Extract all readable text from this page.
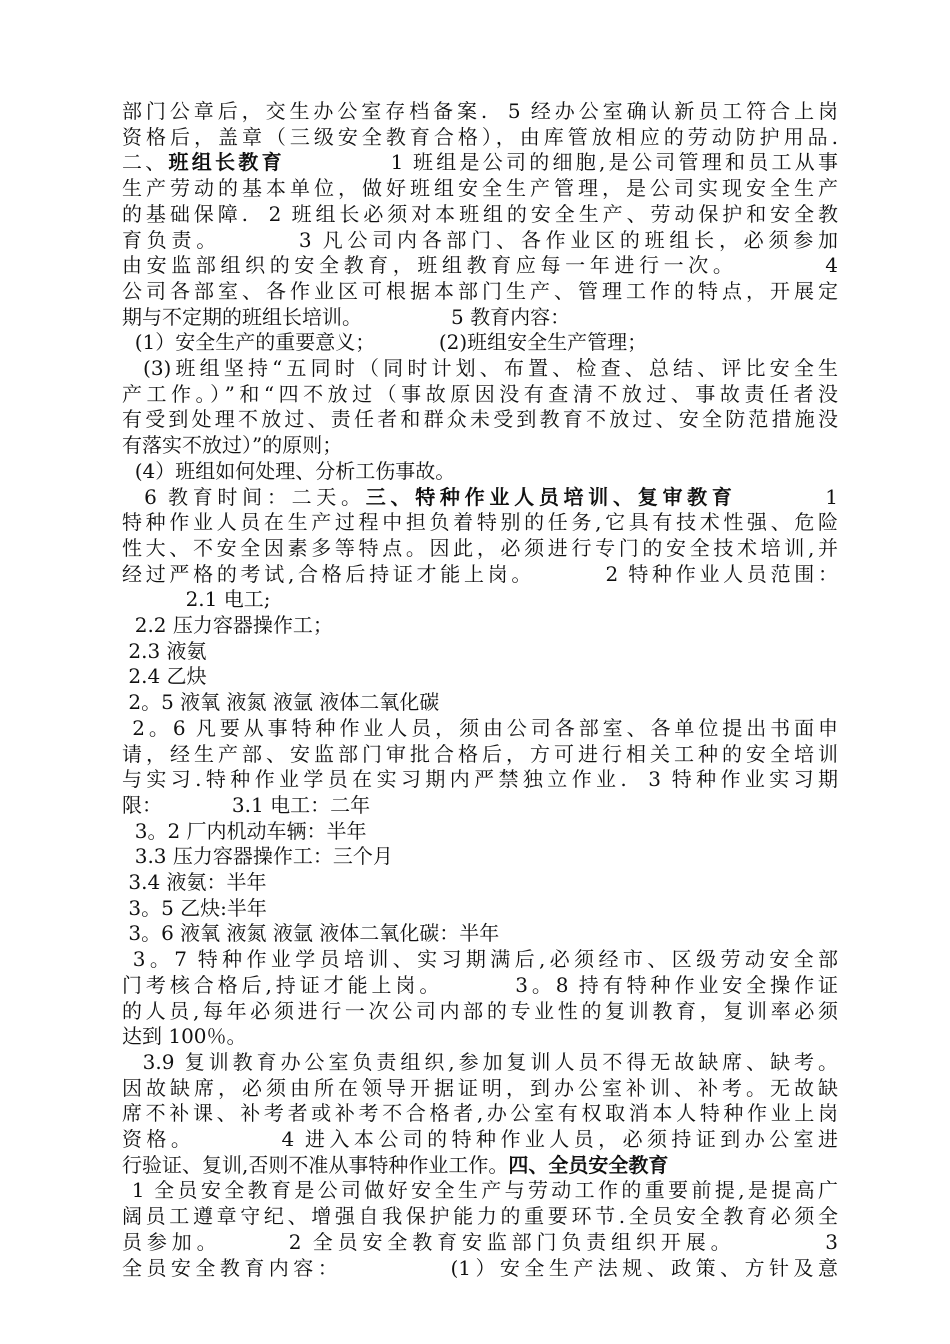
部门公章后，交生办公室存档备案.  5 经办公室确认新员工符合上岗
资格后，盖章（三级安全教育合格），由库管放相应的劳动防护用品.
二、班组长教育           1 班组是公司的细胞,是公司管理和员工从事
生产劳动的基本单位，做好班组安全生产管理，是公司实现安全生产
的基础保障.  2 班组长必须对本班组的安全生产、劳动保护和安全教
育负责。       3 凡公司内各部门、各作业区的班组长，必须参加
由安监部组织的安全教育，班组教育应每一年进行一次。        4
公司各部室、各作业区可根据本部门生产、管理工作的特点，开展定
期与不定期的班组长培训。              5 教育内容：
(1）安全生产的重要意义；          (2)班组安全生产管理；
(3)班组坚持“五同时（同时计划、布置、检查、总结、评比安全生
产工作。）”和“四不放过（事故原因没有查清不放过、事故责任者没
有受到处理不放过、责任者和群众未受到教育不放过、安全防范措施没
有落实不放过）”的原则；
(4）班组如何处理、分析工伤事故。
6 教育时间：二天。三、特种作业人员培训、复审教育        1
特种作业人员在生产过程中担负着特别的任务,它具有技术性强、危险
性大、不安全因素多等特点。因此，必须进行专门的安全技术培训,并
经过严格的考试,合格后持证才能上岗。       2 特种作业人员范围：
2.1 电工;
2.2 压力容器操作工；
2.3 液氨
2.4 乙炔
2。5 液氧 液氮 液氩 液体二氧化碳
2。6 凡要从事特种作业人员，须由公司各部室、各单位提出书面申
请，经生产部、安监部门审批合格后，方可进行相关工种的安全培训
与实习.特种作业学员在实习期内严禁独立作业.  3 特种作业实习期
限：           3.1 电工：二年
3。2 厂内机动车辆：半年
3.3 压力容器操作工：三个月
3.4 液氨：半年
3。5 乙炔:半年
3。6 液氧 液氮 液氩 液体二氧化碳：半年
3。7 特种作业学员培训、实习期满后,必须经市、区级劳动安全部
门考核合格后,持证才能上岗。       3。8 持有特种作业安全操作证
的人员,每年必须进行一次公司内部的专业性的复训教育，复训率必须
达到 100％。
3.9 复训教育办公室负责组织,参加复训人员不得无故缺席、缺考。
因故缺席，必须由所在领导开据证明，到办公室补训、补考。无故缺
席不补课、补考者或补考不合格者,办公室有权取消本人特种作业上岗
资格。        4 进入本公司的特种作业人员，必须持证到办公室进
行验证、复训,否则不准从事特种作业工作。四、全员安全教育
1 全员安全教育是公司做好安全生产与劳动工作的重要前提,是提高广
阔员工遵章守纪、增强自我保护能力的重要环节.全员安全教育必须全
员参加。      2 全员安全教育安监部门负责组织开展。        3
全员安全教育内容：          (1）安全生产法规、政策、方针及意
